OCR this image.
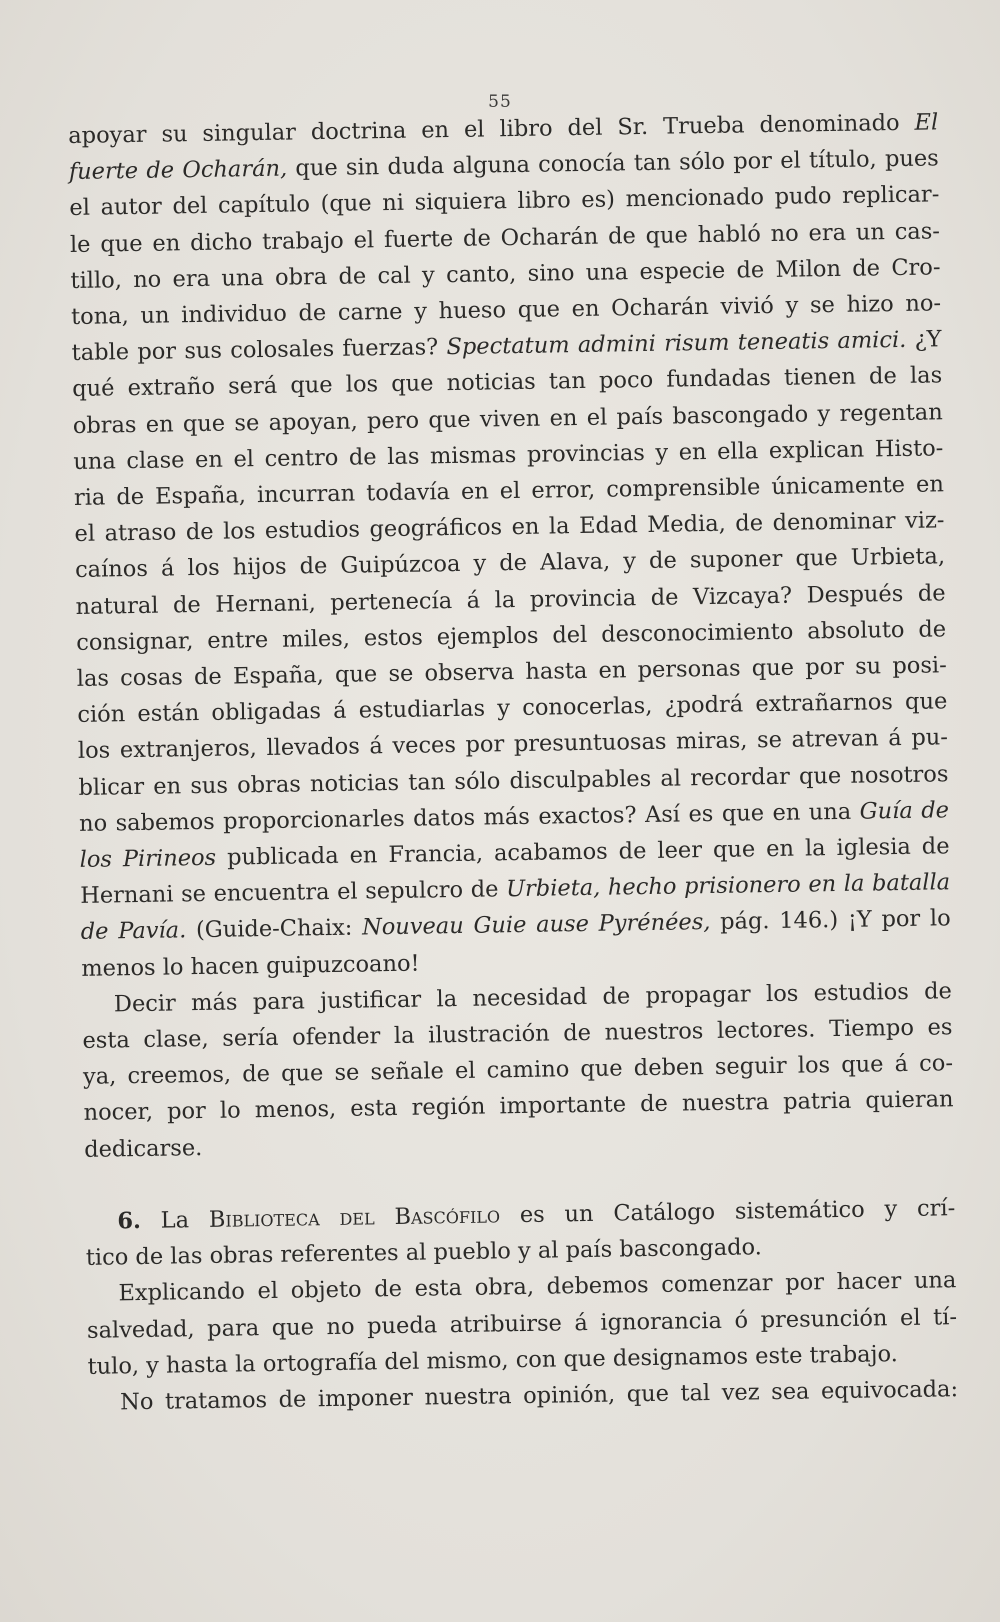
55
apoyar su singular doctrina en el libro del Sr. Trueba denominado El
fuerte de Ocharán, que sin duda alguna conocía tan sólo por el título, pues
el autor del capítulo (que ni siquiera libro es) mencionado pudo replicar-
le que en dicho trabajo el fuerte de Ocharán de que habló no era un cas-
tillo, no era una obra de cal y canto, sino una especie de Milon de Cro-
tona, un individuo de carne y hueso que en Ocharán vivió y se hizo no-
table por sus colosales fuerzas? Spectatum admini risum teneatis amici. ¿Y
qué extraño será que los que noticias tan poco fundadas tienen de las
obras en que se apoyan, pero que viven en el país bascongado y regentan
una clase en el centro de las mismas provincias y en ella explican Histo-
ria de España, incurran todavía en el error, comprensible únicamente en
el atraso de los estudios geográficos en la Edad Media, de denominar viz-
caínos á los hijos de Guipúzcoa y de Alava, y de suponer que Urbieta,
natural de Hernani, pertenecía á la provincia de Vizcaya? Después de
consignar, entre miles, estos ejemplos del desconocimiento absoluto de
las cosas de España, que se observa hasta en personas que por su posi-
ción están obligadas á estudiarlas y conocerlas, ¿podrá extrañarnos que
los extranjeros, llevados á veces por presuntuosas miras, se atrevan á pu-
blicar en sus obras noticias tan sólo disculpables al recordar que nosotros
no sabemos proporcionarles datos más exactos? Así es que en una Guía de
los Pirineos publicada en Francia, acabamos de leer que en la iglesia de
Hernani se encuentra el sepulcro de Urbieta, hecho prisionero en la batalla
de Pavía. (Guide-Chaix: Nouveau Guie ause Pyrénées, pág. 146.) ¡Y por lo
menos lo hacen guipuzcoano!
Decir más para justificar la necesidad de propagar los estudios de
esta clase, sería ofender la ilustración de nuestros lectores. Tiempo es
ya, creemos, de que se señale el camino que deben seguir los que á co-
nocer, por lo menos, esta región importante de nuestra patria quieran
dedicarse.
6. La Biblioteca del Bascófilo es un Catálogo sistemático y crí-
tico de las obras referentes al pueblo y al país bascongado.
Explicando el objeto de esta obra, debemos comenzar por hacer una
salvedad, para que no pueda atribuirse á ignorancia ó presunción el tí-
tulo, y hasta la ortografía del mismo, con que designamos este trabajo.
No tratamos de imponer nuestra opinión, que tal vez sea equivocada:
